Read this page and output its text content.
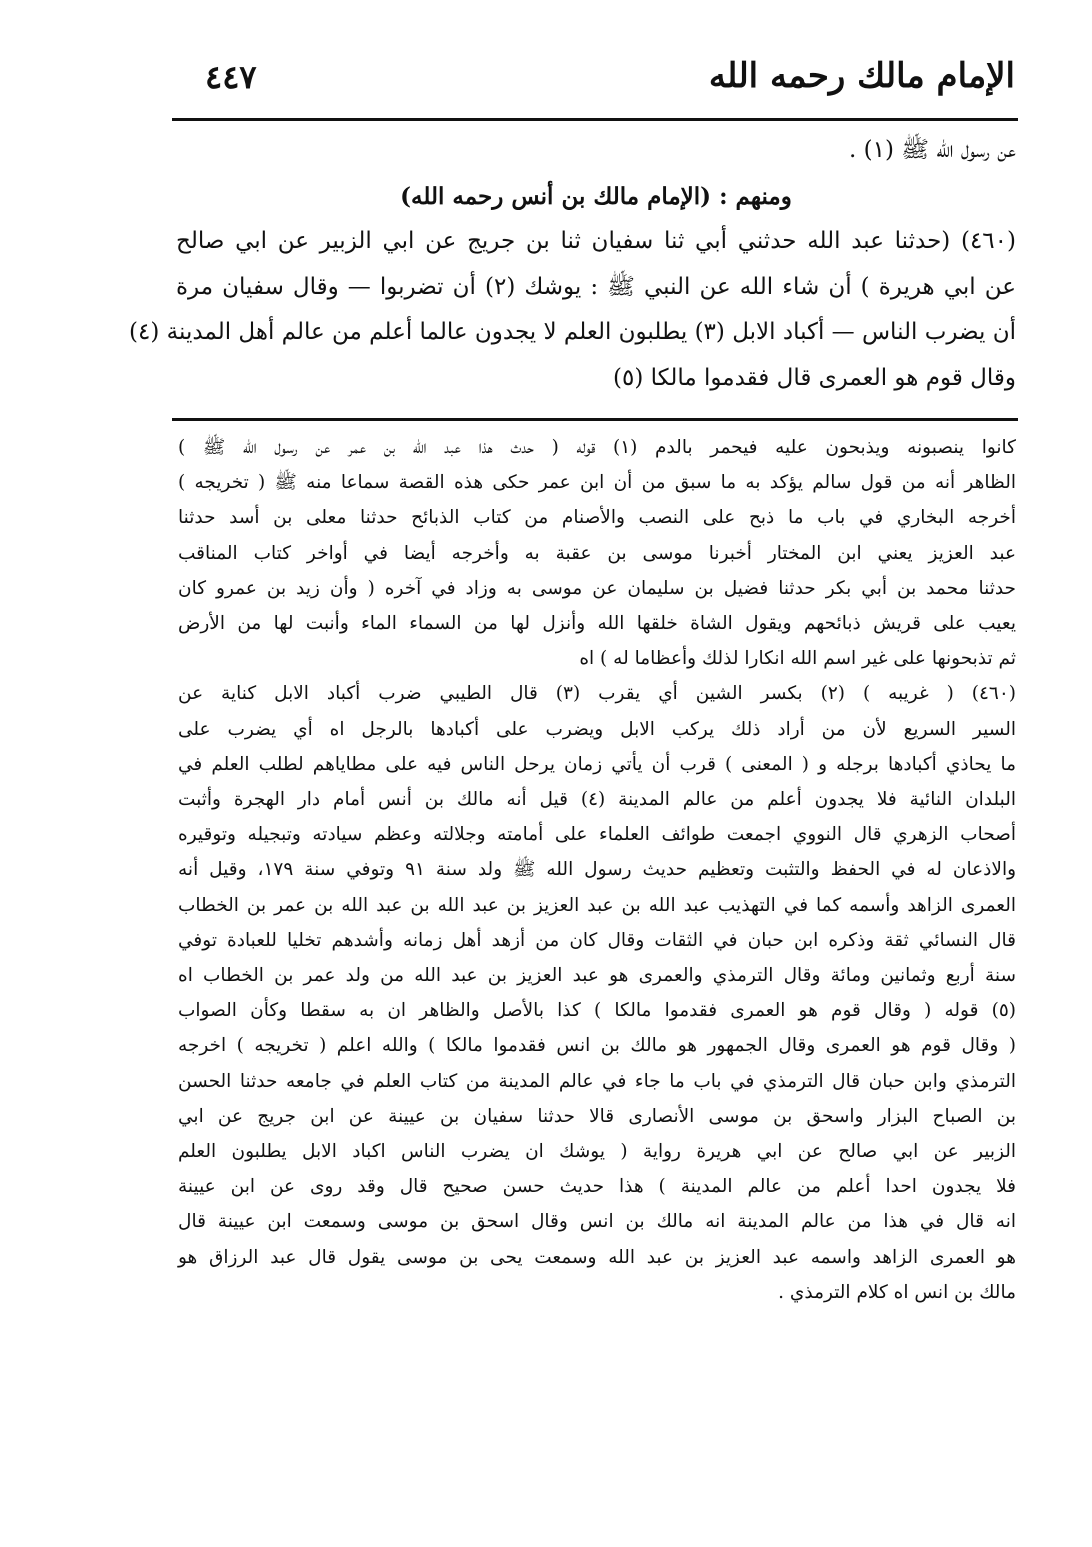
الإمام مالك رحمه الله
٤٤٧
عن رسول الله ﷺ (١) .
ومنهم : (الإمام مالك بن أنس رحمه الله)
(٤٦٠) (حدثنا عبد الله حدثني أبي ثنا سفيان ثنا بن جريج عن ابي الزبير عن ابي صالح
عن ابي هريرة ) أن شاء الله عن النبي ﷺ : يوشك (٢) أن تضربوا — وقال سفيان مرة
أن يضرب الناس — أكباد الابل (٣) يطلبون العلم لا يجدون عالما أعلم من عالم أهل المدينة (٤)
وقال قوم هو العمرى قال فقدموا مالكا (٥)
كانوا ينصبونه ويذبحون عليه فيحمر بالدم (١) قوله ( حدث هذا عبد الله بن عمر عن رسول الله ﷺ )
الظاهر أنه من قول سالم يؤكد به ما سبق من أن ابن عمر حكى هذه القصة سماعا منه ﷺ ( تخريجه )
أخرجه البخاري في باب ما ذبح على النصب والأصنام من كتاب الذبائح حدثنا معلى بن أسد حدثنا
عبد العزيز يعني ابن المختار أخبرنا موسى بن عقبة به وأخرجه أيضا في أواخر كتاب المناقب
حدثنا محمد بن أبي بكر حدثنا فضيل بن سليمان عن موسى به وزاد في آخره ( وأن زيد بن عمرو كان
يعيب على قريش ذبائحهم ويقول الشاة خلقها الله وأنزل لها من السماء الماء وأنبت لها من الأرض
ثم تذبحونها على غير اسم الله انكارا لذلك وأعظاما له ) اه
(٤٦٠) ( غريبه ) (٢) بكسر الشين أي يقرب (٣) قال الطيبي ضرب أكباد الابل كناية عن
السير السريع لأن من أراد ذلك يركب الابل ويضرب على أكبادها بالرجل اه أي يضرب على
ما يحاذي أكبادها برجله و ( المعنى ) قرب أن يأتي زمان يرحل الناس فيه على مطاياهم لطلب العلم في
البلدان النائية فلا يجدون أعلم من عالم المدينة (٤) قيل أنه مالك بن أنس أمام دار الهجرة وأثبت
أصحاب الزهري قال النووي اجمعت طوائف العلماء على أمامته وجلالته وعظم سيادته وتبجيله وتوقيره
والاذعان له في الحفظ والتثبت وتعظيم حديث رسول الله ﷺ ولد سنة ٩١ وتوفي سنة ١٧٩، وقيل أنه
العمرى الزاهد وأسمه كما في التهذيب عبد الله بن عبد العزيز بن عبد الله بن عبد الله بن عمر بن الخطاب
قال النسائي ثقة وذكره ابن حبان في الثقات وقال كان من أزهد أهل زمانه وأشدهم تخليا للعبادة توفي
سنة أربع وثمانين ومائة وقال الترمذي والعمرى هو عبد العزيز بن عبد الله من ولد عمر بن الخطاب اه
(٥) قوله ( وقال قوم هو العمرى فقدموا مالكا ) كذا بالأصل والظاهر ان به سقطا وكأن الصواب
( وقال قوم هو العمرى وقال الجمهور هو مالك بن انس فقدموا مالكا ) والله اعلم ( تخريجه ) اخرجه
الترمذي وابن حبان قال الترمذي في باب ما جاء في عالم المدينة من كتاب العلم في جامعه حدثنا الحسن
بن الصباح البزار واسحق بن موسى الأنصارى قالا حدثنا سفيان بن عيينة عن ابن جريج عن ابي
الزبير عن ابي صالح عن ابي هريرة رواية ( يوشك ان يضرب الناس اكباد الابل يطلبون العلم
فلا يجدون احدا أعلم من عالم المدينة ) هذا حديث حسن صحيح قال وقد روى عن ابن عيينة
انه قال في هذا من عالم المدينة انه مالك بن انس وقال اسحق بن موسى وسمعت ابن عيينة قال
هو العمرى الزاهد واسمه عبد العزيز بن عبد الله وسمعت يحى بن موسى يقول قال عبد الرزاق هو
مالك بن انس اه كلام الترمذي .
